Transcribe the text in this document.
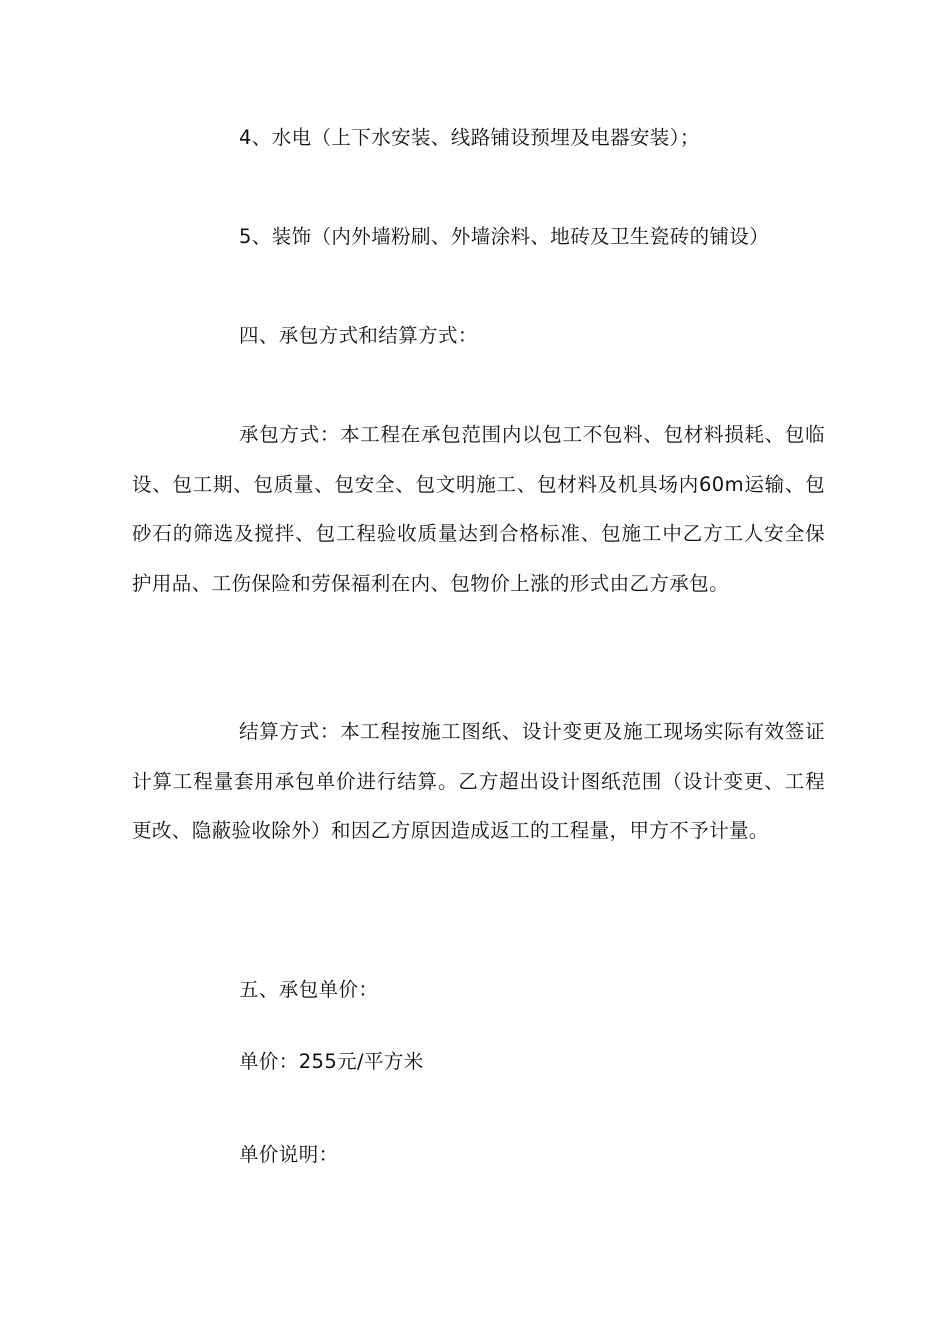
4、水电（上下水安装、线路铺设预埋及电器安装）；

5、装饰（内外墙粉刷、外墙涂料、地砖及卫生瓷砖的铺设）

四、承包方式和结算方式：

承包方式：本工程在承包范围内以包工不包料、包材料损耗、包临设、包工期、包质量、包安全、包文明施工、包材料及机具场内60m运输、包砂石的筛选及搅拌、包工程验收质量达到合格标准、包施工中乙方工人安全保护用品、工伤保险和劳保福利在内、包物价上涨的形式由乙方承包。

结算方式：本工程按施工图纸、设计变更及施工现场实际有效签证计算工程量套用承包单价进行结算。乙方超出设计图纸范围（设计变更、工程更改、隐蔽验收除外）和因乙方原因造成返工的工程量，甲方不予计量。

五、承包单价：

单价：255元/平方米

单价说明：
